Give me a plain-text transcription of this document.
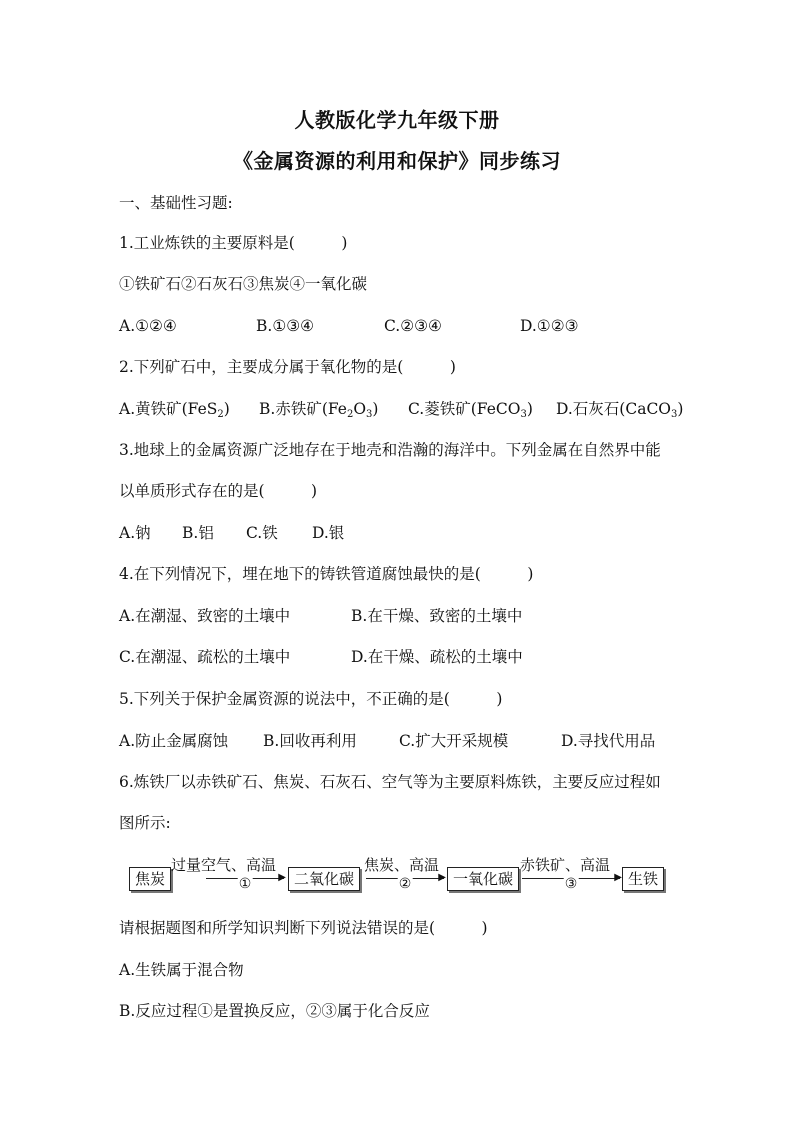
人教版化学九年级下册
《金属资源的利用和保护》同步练习
一、基础性习题:
1.工业炼铁的主要原料是(　　　)
①铁矿石②石灰石③焦炭④一氧化碳
A.①②④	B.①③④	C.②③④	D.①②③
2.下列矿石中，主要成分属于氧化物的是(　　　)
A.黄铁矿(FeS$_2$) B.赤铁矿$(Fe_2O_3)$ C.菱铁矿(FeCO$_3$) D.石灰石(CaCO$_3$)
3.地球上的金属资源广泛地存在于地壳和浩瀚的海洋中。下列金属在自然界中能
以单质形式存在的是(　　　)
A.钠 B.铝 C.铁 D.银
4.在下列情况下，埋在地下的铸铁管道腐蚀最快的是(　　　)
A.在潮湿、致密的土壤中	B.在干燥、致密的土壤中
C.在潮湿、疏松的土壤中	D.在干燥、疏松的土壤中
5.下列关于保护金属资源的说法中，不正确的是(　　　)
A.防止金属腐蚀 B.回收再利用	C.扩大开采规模	D.寻找代用品
6.炼铁厂以赤铁矿石、焦炭、石灰石、空气等为主要原料炼铁，主要反应过程如
图所示:
焦炭
过量空气、高温
▶
①	二氧化碳
焦炭、高温
▶
②	一氧化碳
赤铁矿、高温
▶
③	生铁
请根据题图和所学知识判断下列说法错误的是(　　　)
A.生铁属于混合物
B.反应过程①是置换反应，②③属于化合反应
